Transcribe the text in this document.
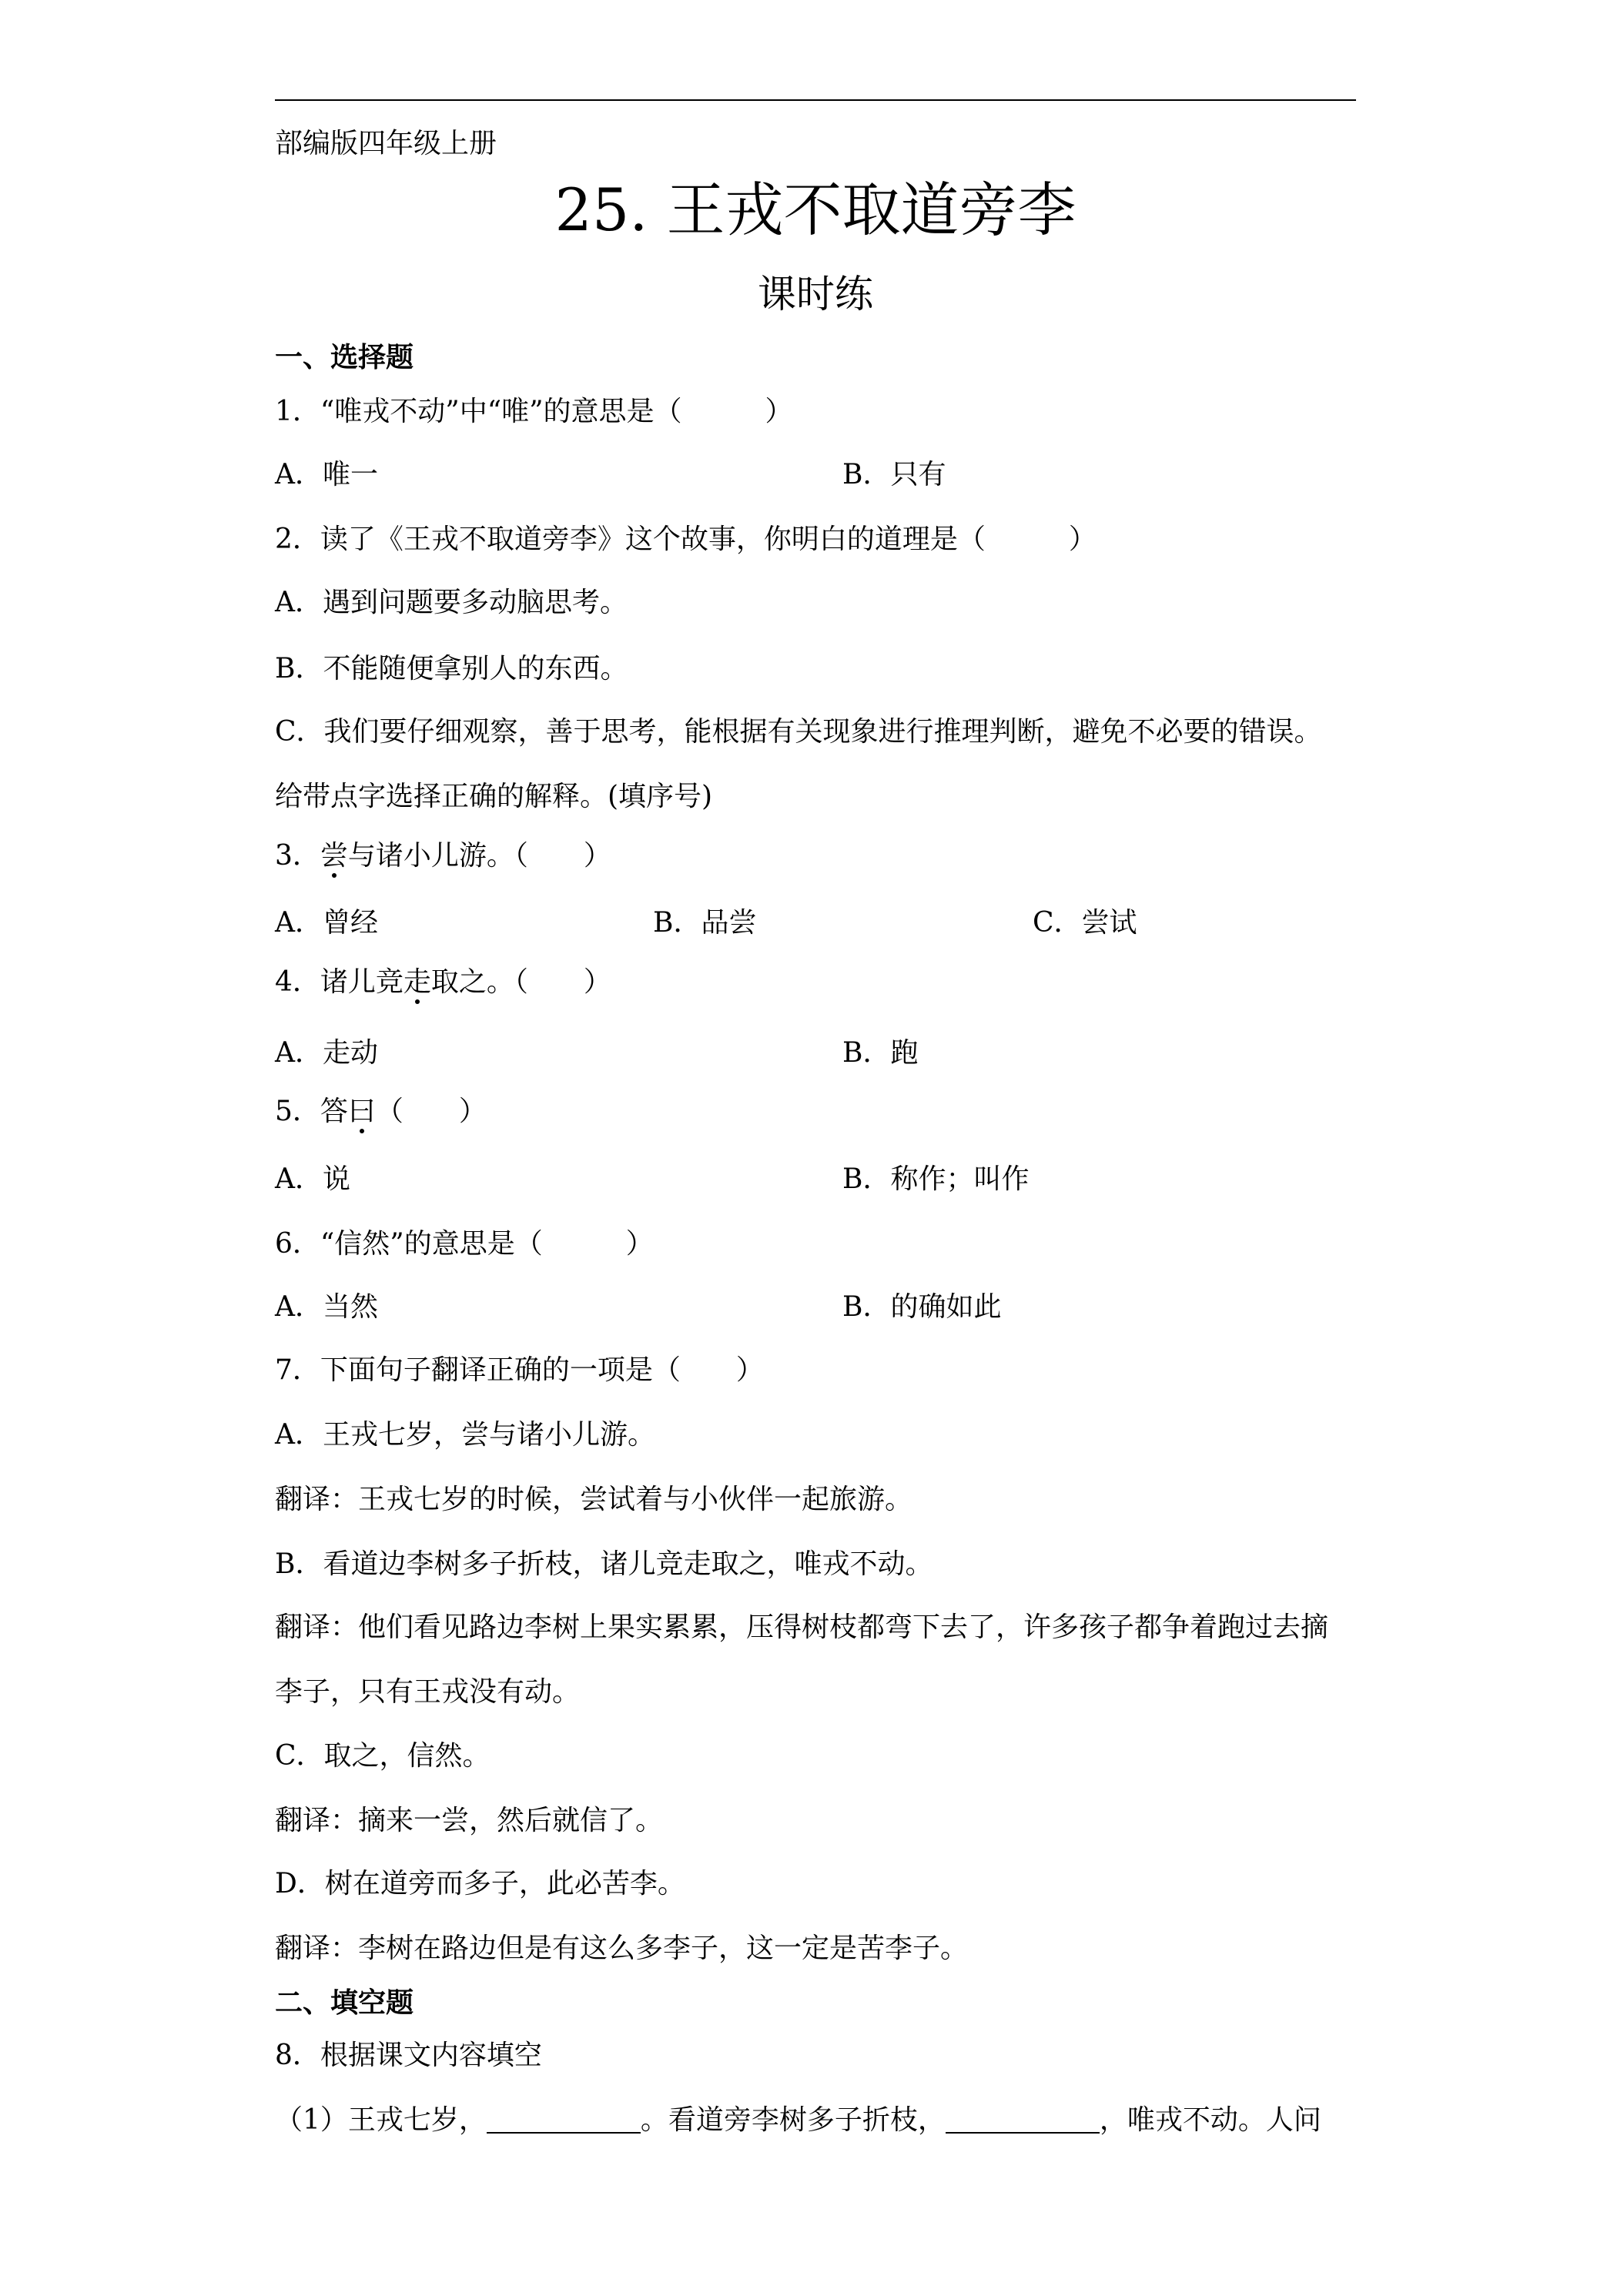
部编版四年级上册
25. 王戎不取道旁李
课时练
一、选择题
1．“唯戎不动”中“唯”的意思是（　　　）
A．唯一	B．只有
2．读了《王戎不取道旁李》这个故事，你明白的道理是（　　　）
A．遇到问题要多动脑思考。
B．不能随便拿别人的东西。
C．我们要仔细观察，善于思考，能根据有关现象进行推理判断，避免不必要的错误。
给带点字选择正确的解释。(填序号)
3．尝与诸小儿游。（　　）
A．曾经	B．品尝	C．尝试
4．诸儿竞走取之。（　　）
A．走动	B．跑
5．答曰（　　）
A．说	B．称作；叫作
6．“信然”的意思是（　　　）
A．当然	B．的确如此
7．下面句子翻译正确的一项是（　　）
A．王戎七岁，尝与诸小儿游。
翻译：王戎七岁的时候，尝试着与小伙伴一起旅游。
B．看道边李树多子折枝，诸儿竞走取之，唯戎不动。
翻译：他们看见路边李树上果实累累，压得树枝都弯下去了，许多孩子都争着跑过去摘
李子，只有王戎没有动。
C．取之，信然。
翻译：摘来一尝，然后就信了。
D．树在道旁而多子，此必苦李。
翻译：李树在路边但是有这么多李子，这一定是苦李子。
二、填空题
8．根据课文内容填空
（1）王戎七岁，	。看道旁李树多子折枝，	，唯戎不动。人问
